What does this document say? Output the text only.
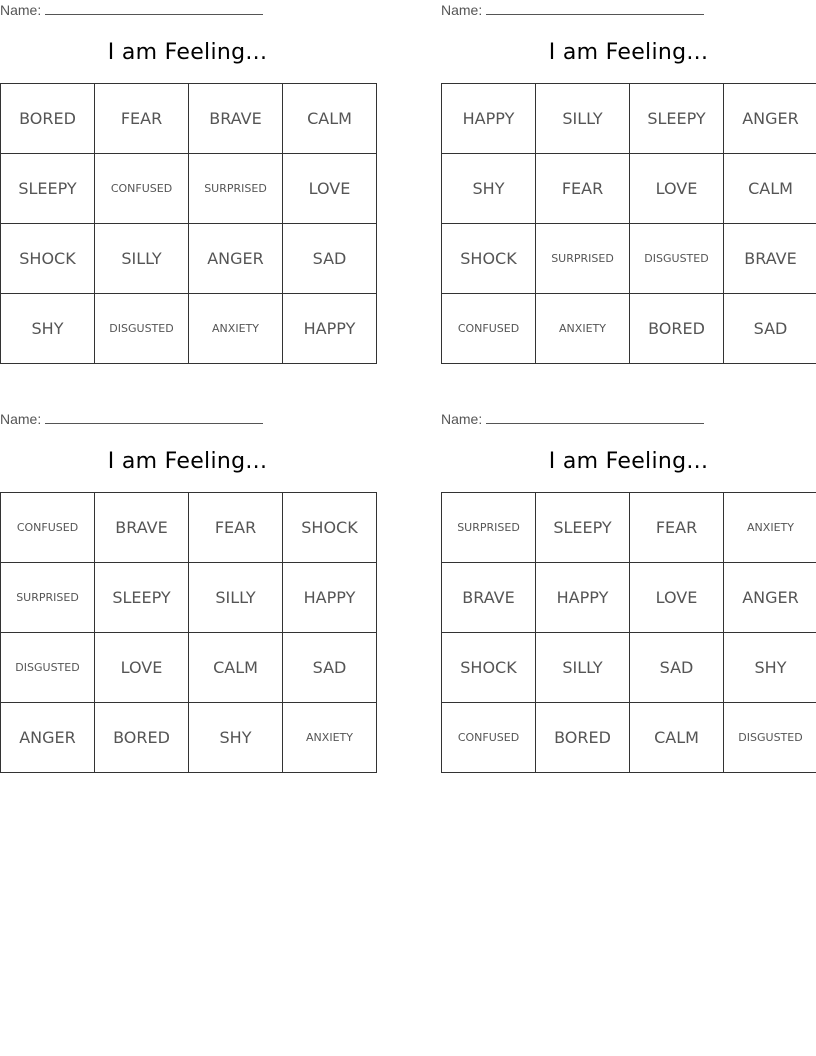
Name:
I am Feeling...
BORED	FEAR	BRAVE	CALM
SLEEPY	CONFUSED	SURPRISED	LOVE
SHOCK	SILLY	ANGER	SAD
SHY	DISGUSTED	ANXIETY	HAPPY
Name:
I am Feeling...
HAPPY	SILLY	SLEEPY	ANGER
SHY	FEAR	LOVE	CALM
SHOCK	SURPRISED	DISGUSTED	BRAVE
CONFUSED	ANXIETY	BORED	SAD
Name:
I am Feeling...
CONFUSED	BRAVE	FEAR	SHOCK
SURPRISED	SLEEPY	SILLY	HAPPY
DISGUSTED	LOVE	CALM	SAD
ANGER	BORED	SHY	ANXIETY
Name:
I am Feeling...
SURPRISED	SLEEPY	FEAR	ANXIETY
BRAVE	HAPPY	LOVE	ANGER
SHOCK	SILLY	SAD	SHY
CONFUSED	BORED	CALM	DISGUSTED
